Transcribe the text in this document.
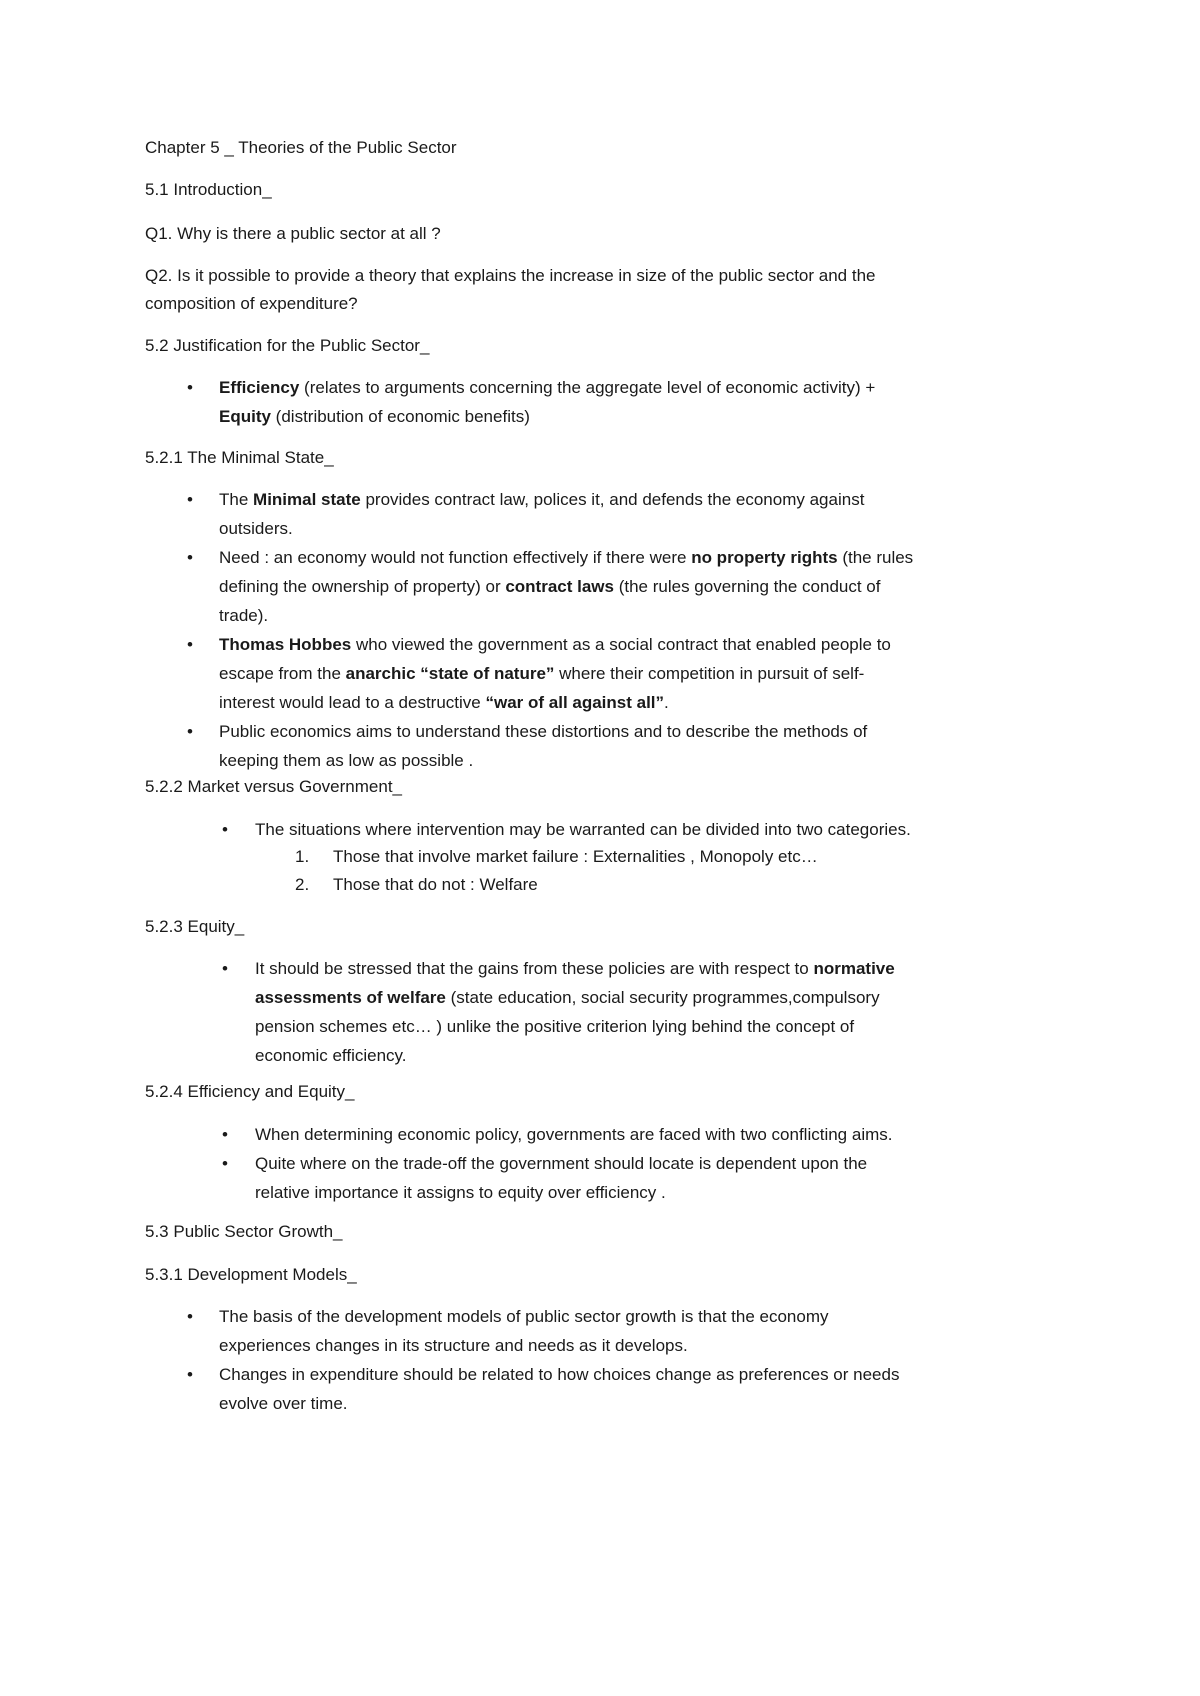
Chapter 5 _ Theories of the Public Sector
5.1 Introduction_
Q1. Why is there a public sector at all ?
Q2. Is it possible to provide a theory that explains the increase in size of the public sector and the
composition of expenditure?
5.2 Justification for the Public Sector_
•	Efficiency (relates to arguments concerning the aggregate level of economic activity) +
Equity (distribution of economic benefits)
5.2.1 The Minimal State_
•	The Minimal state provides contract law, polices it, and defends the economy against
outsiders.
•	Need : an economy would not function effectively if there were no property rights (the rules
defining the ownership of property) or contract laws (the rules governing the conduct of
trade).
•	Thomas Hobbes who viewed the government as a social contract that enabled people to
escape from the anarchic “state of nature” where their competition in pursuit of self-
interest would lead to a destructive “war of all against all”.
•	Public economics aims to understand these distortions and to describe the methods of
keeping them as low as possible .
5.2.2 Market versus Government_
•	The situations where intervention may be warranted can be divided into two categories.
1. Those that involve market failure : Externalities , Monopoly etc…
2. Those that do not : Welfare
5.2.3 Equity_
•	It should be stressed that the gains from these policies are with respect to normative
assessments of welfare (state education, social security programmes,compulsory
pension schemes etc… ) unlike the positive criterion lying behind the concept of
economic efficiency.
5.2.4 Efficiency and Equity_
•	When determining economic policy, governments are faced with two conflicting aims.
•	Quite where on the trade-off the government should locate is dependent upon the
relative importance it assigns to equity over efficiency .
5.3 Public Sector Growth_
5.3.1 Development Models_
•	The basis of the development models of public sector growth is that the economy
experiences changes in its structure and needs as it develops.
•	Changes in expenditure should be related to how choices change as preferences or needs
evolve over time.
